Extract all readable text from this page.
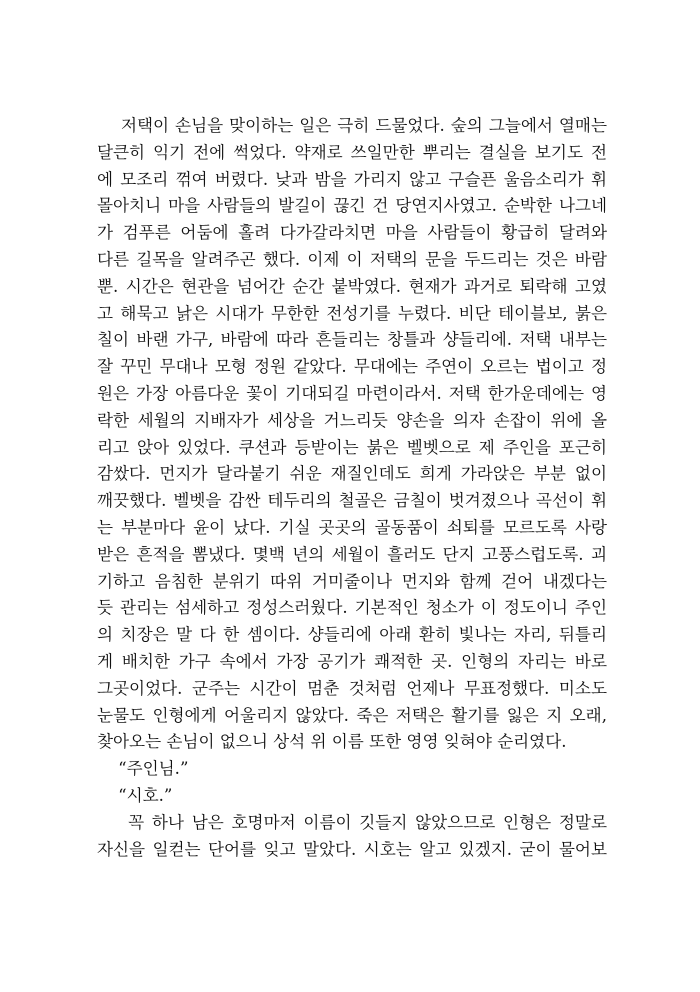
저택이 손님을 맞이하는 일은 극히 드물었다. 숲의 그늘에서 열매는
달큰히 익기 전에 썩었다. 약재로 쓰일만한 뿌리는 결실을 보기도 전
에 모조리 꺾여 버렸다. 낮과 밤을 가리지 않고 구슬픈 울음소리가 휘
몰아치니 마을 사람들의 발길이 끊긴 건 당연지사였고. 순박한 나그네
가 검푸른 어둠에 홀려 다가갈라치면 마을 사람들이 황급히 달려와
다른 길목을 알려주곤 했다. 이제 이 저택의 문을 두드리는 것은 바람
뿐. 시간은 현관을 넘어간 순간 붙박였다. 현재가 과거로 퇴락해 고였
고 해묵고 낡은 시대가 무한한 전성기를 누렸다. 비단 테이블보, 붉은
칠이 바랜 가구, 바람에 따라 흔들리는 창틀과 샹들리에. 저택 내부는
잘 꾸민 무대나 모형 정원 같았다. 무대에는 주연이 오르는 법이고 정
원은 가장 아름다운 꽃이 기대되길 마련이라서. 저택 한가운데에는 영
락한 세월의 지배자가 세상을 거느리듯 양손을 의자 손잡이 위에 올
리고 앉아 있었다. 쿠션과 등받이는 붉은 벨벳으로 제 주인을 포근히
감쌌다. 먼지가 달라붙기 쉬운 재질인데도 희게 가라앉은 부분 없이
깨끗했다. 벨벳을 감싼 테두리의 철골은 금칠이 벗겨졌으나 곡선이 휘
는 부분마다 윤이 났다. 기실 곳곳의 골동품이 쇠퇴를 모르도록 사랑
받은 흔적을 뽐냈다. 몇백 년의 세월이 흘러도 단지 고풍스럽도록. 괴
기하고 음침한 분위기 따위 거미줄이나 먼지와 함께 걷어 내겠다는
듯 관리는 섬세하고 정성스러웠다. 기본적인 청소가 이 정도이니 주인
의 치장은 말 다 한 셈이다. 샹들리에 아래 환히 빛나는 자리, 뒤틀리
게 배치한 가구 속에서 가장 공기가 쾌적한 곳. 인형의 자리는 바로
그곳이었다. 군주는 시간이 멈춘 것처럼 언제나 무표정했다. 미소도
눈물도 인형에게 어울리지 않았다. 죽은 저택은 활기를 잃은 지 오래,
찾아오는 손님이 없으니 상석 위 이름 또한 영영 잊혀야 순리였다.
“주인님.”
“시호.”
꼭 하나 남은 호명마저 이름이 깃들지 않았으므로 인형은 정말로
자신을 일컫는 단어를 잊고 말았다. 시호는 알고 있겠지. 굳이 물어보
